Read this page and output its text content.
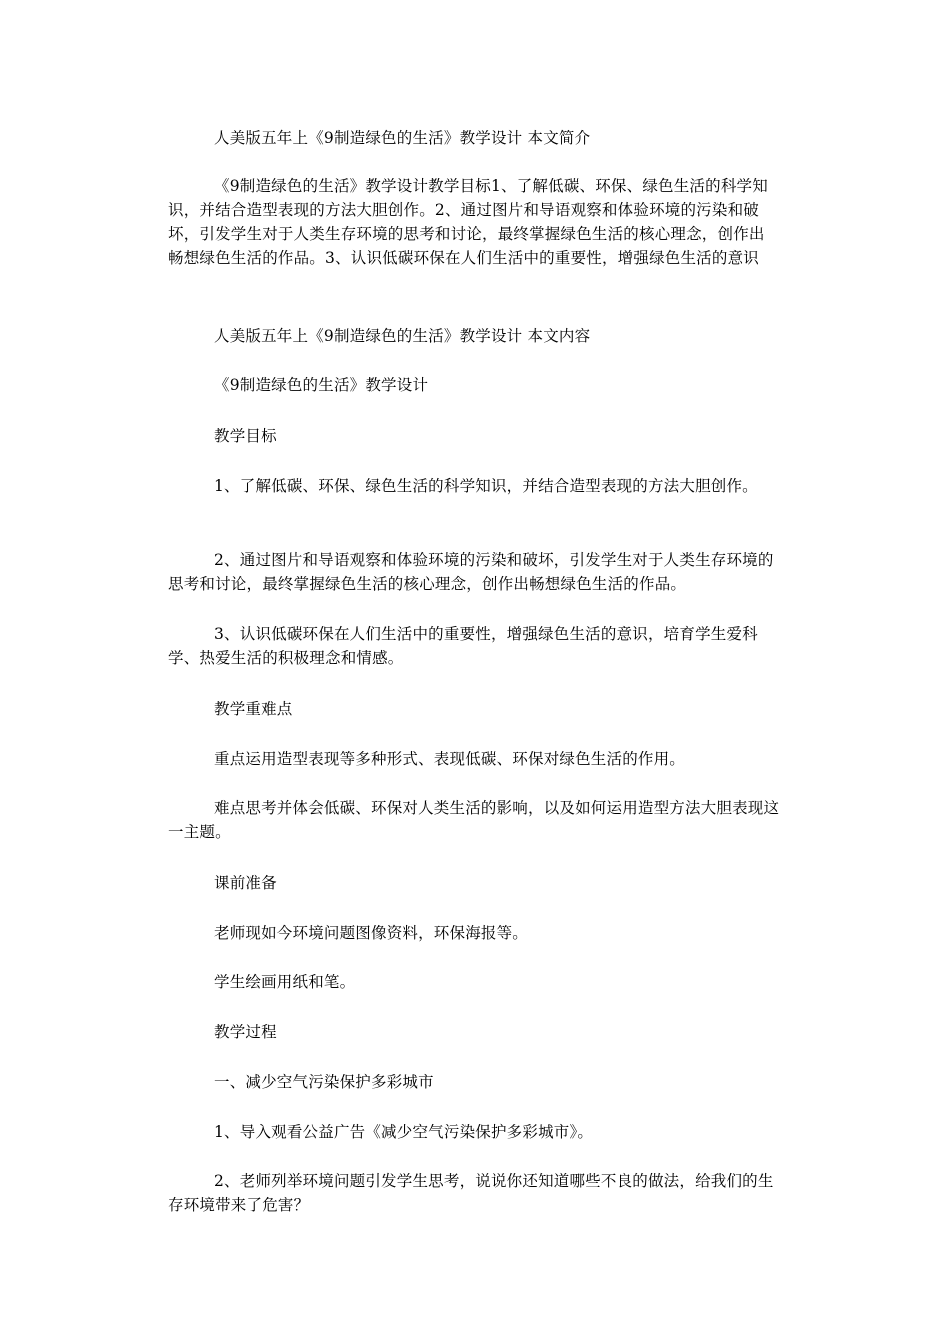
人美版五年上《9制造绿色的生活》教学设计 本文简介

《9制造绿色的生活》教学设计教学目标1、了解低碳、环保、绿色生活的科学知识，并结合造型表现的方法大胆创作。2、通过图片和导语观察和体验环境的污染和破坏，引发学生对于人类生存环境的思考和讨论，最终掌握绿色生活的核心理念，创作出畅想绿色生活的作品。3、认识低碳环保在人们生活中的重要性，增强绿色生活的意识

人美版五年上《9制造绿色的生活》教学设计 本文内容

《9制造绿色的生活》教学设计

教学目标

1、了解低碳、环保、绿色生活的科学知识，并结合造型表现的方法大胆创作。

2、通过图片和导语观察和体验环境的污染和破坏，引发学生对于人类生存环境的思考和讨论，最终掌握绿色生活的核心理念，创作出畅想绿色生活的作品。

3、认识低碳环保在人们生活中的重要性，增强绿色生活的意识，培育学生爱科学、热爱生活的积极理念和情感。

教学重难点

重点运用造型表现等多种形式、表现低碳、环保对绿色生活的作用。

难点思考并体会低碳、环保对人类生活的影响，以及如何运用造型方法大胆表现这一主题。

课前准备

老师现如今环境问题图像资料，环保海报等。

学生绘画用纸和笔。

教学过程

一、减少空气污染保护多彩城市

1、导入观看公益广告《减少空气污染保护多彩城市》。

2、老师列举环境问题引发学生思考，说说你还知道哪些不良的做法，给我们的生存环境带来了危害？
